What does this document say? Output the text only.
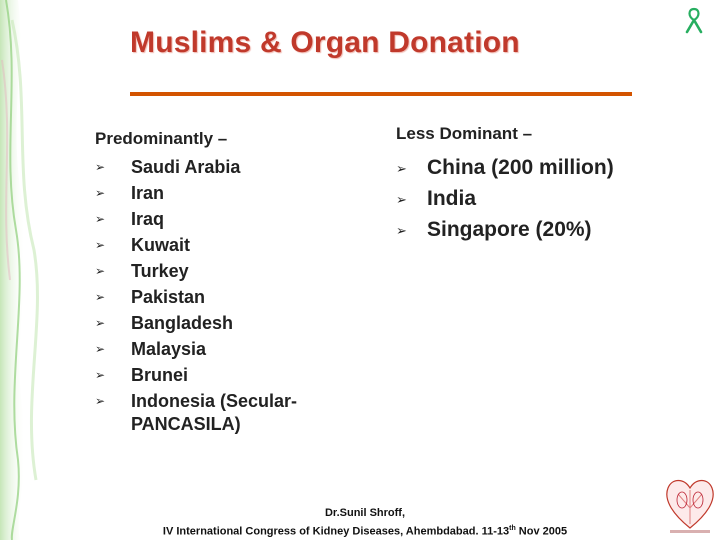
Muslims & Organ Donation
Predominantly –
➢ Saudi Arabia
➢ Iran
➢ Iraq
➢ Kuwait
➢ Turkey
➢ Pakistan
➢ Bangladesh
➢ Malaysia
➢ Brunei
➢ Indonesia (Secular-PANCASILA)
Less Dominant –
➢ China (200 million)
➢ India
➢ Singapore (20%)
Dr.Sunil Shroff,
IV International Congress of Kidney Diseases, Ahembdabad. 11-13th Nov 2005
